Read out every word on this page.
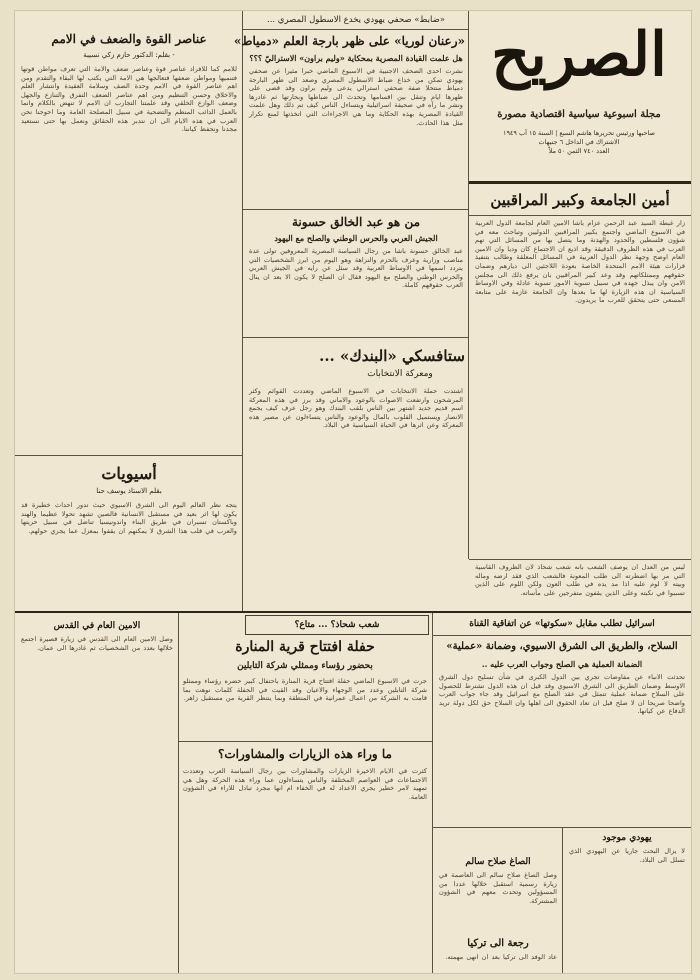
الصريح
مجلة اسبوعية سياسية اقتصادية مصورة
صاحبها ورئيس تحريرها هاشم السبع | السنة ١٥ آب ١٩٤٩
الاشتراك في الداخل ٦ جنيهات
العدد ٧٤٠ الثمن ٥٠ ملاّ
أمين الجامعة وكبير المراقبين
زار غبطة السيد عبد الرحمن عزام باشا الامين العام لجامعة الدول العربية في الاسبوع الماضي واجتمع بكبير المراقبين الدوليين وتباحث معه في شؤون فلسطين والحدود والهدنة وما يتصل بها من المسائل التي تهم العرب في هذه الظروف الدقيقة وقد اذيع ان الاجتماع كان وديا وان الامين العام اوضح وجهة نظر الدول العربية في المسائل المعلقة وطالب بتنفيذ قرارات هيئة الامم المتحدة الخاصة بعودة اللاجئين الى ديارهم وضمان حقوقهم وممتلكاتهم وقد وعد كبير المراقبين بان يرفع ذلك الى مجلس الامن وان يبذل جهده في سبيل تسوية الامور تسوية عادلة وفي الاوساط السياسية ان هذه الزيارة لها ما بعدها وان الجامعة عازمة على متابعة المسعى حتى يتحقق للعرب ما يريدون.
«ضابط» صحفي يهودي يخدع الاسطول المصري ...
«رعنان لوريا» على ظهر بارجة العلم «دمياط»
هل علمت القيادة المصرية بمحكاية «وليم براون» الاستراليّ ؟؟؟
نشرت احدى الصحف الاجنبية في الاسبوع الماضي خبرا مثيرا عن صحفي يهودي تمكن من خداع ضباط الاسطول المصري وصعد الى ظهر البارجة دمياط منتحلا صفة صحفي استرالي يدعى وليم براون وقد قضى على ظهرها ايام وتنقل بين اقسامها وتحدث الى ضباطها وبحارتها ثم غادرها ونشر ما رآه في صحيفة اسرائيلية ويتساءل الناس كيف تم ذلك وهل علمت القيادة المصرية بهذه الحكاية وما هي الاجراءات التي اتخذتها لمنع تكرار مثل هذا الحادث.
من هو عبد الخالق حسونة
الجيش العربي والحرس الوطني والصلح مع اليهود
عبد الخالق حسونة باشا من رجال السياسة المصرية المعروفين تولى عدة مناصب وزارية وعرف بالحزم والنزاهة وهو اليوم من ابرز الشخصيات التي يتردد اسمها في الاوساط العربية وقد سئل عن رايه في الجيش العربي والحرس الوطني والصلح مع اليهود فقال ان الصلح لا يكون الا بعد ان ينال العرب حقوقهم كاملة.
ستافسكي «البندك» ...
ومعركة الانتخابات
اشتدت حملة الانتخابات في الاسبوع الماضي وتعددت القوائم وكثر المرشحون وارتفعت الاصوات بالوعود والاماني وقد برز في هذه المعركة اسم قديم جديد اشتهر بين الناس بلقب البندك وهو رجل عرف كيف يجمع الانصار ويستميل القلوب بالمال والوعود والناس يتساءلون عن مصير هذه المعركة وعن اثرها في الحياة السياسية في البلاد.
عناصر القوة والضعف في الامم
- بقلم: الدكتور حازم زكي نسيبة
للامم كما للافراد عناصر قوة وعناصر ضعف والامة التي تعرف مواطن قوتها فتنميها ومواطن ضعفها فتعالجها هي الامة التي يكتب لها البقاء والتقدم ومن اهم عناصر القوة في الامم وحدة الصف وسلامة العقيدة وانتشار العلم والاخلاق وحسن التنظيم ومن اهم عناصر الضعف التفرق والتنازع والجهل وضعف الوازع الخلقي وقد علمتنا التجارب ان الامم لا تنهض بالكلام وانما بالعمل الدائب المنظم والتضحية في سبيل المصلحة العامة وما احوجنا نحن العرب في هذه الايام الى ان نتدبر هذه الحقائق ونعمل بها حتى نستعيد مجدنا ونحفظ كياننا.
أسيويات
بقلم الاستاذ يوسف حنا
يتجه نظر العالم اليوم الى الشرق الاسيوي حيث تدور احداث خطيرة قد يكون لها اثر بعيد في مستقبل الانسانية فالصين تشهد تحولا عظيما والهند وباكستان تسيران في طريق البناء واندونيسيا تناضل في سبيل حريتها والعرب في قلب هذا الشرق لا يمكنهم ان يقفوا بمعزل عما يجري حولهم.
ليس من العدل ان يوصف الشعب بانه شعب شحاذ لان الظروف القاسية التي مر بها اضطرته الى طلب المعونة فالشعب الذي فقد ارضه وماله وبيته لا لوم عليه اذا مد يده في طلب العون ولكن اللوم على الذين تسببوا في نكبته وعلى الذين يقفون متفرجين على مأساته.
اسرائيل تطلب مقابل «سكوتها» عن اتفاقية القناة
شعب شحاذ؟ ... متاع؟
السلاح، والطريق الى الشرق الاسيوي، وضمانة «عملية»
الضمانة العملية هي الصلح وجواب العرب عليه ..
تحدثت الانباء عن مفاوضات تجري بين الدول الكبرى في شأن تسليح دول الشرق الاوسط وضمان الطريق الى الشرق الاسيوي وقد قيل ان هذه الدول تشترط للحصول على السلاح ضمانة عملية تتمثل في عقد الصلح مع اسرائيل وقد جاء جواب العرب واضحا صريحا ان لا صلح قبل ان تعاد الحقوق الى اهلها وان السلاح حق لكل دولة تريد الدفاع عن كيانها.
يهودي موجود
لا يزال البحث جاريا عن اليهودي الذي تسلل الى البلاد.
الصاغ صلاح سالم
وصل الصاغ صلاح سالم الى العاصمة في زيارة رسمية استقبل خلالها عددا من المسؤولين وتحدث معهم في الشؤون المشتركة.
رجعة الى تركيا
عاد الوفد الى تركيا بعد ان انهى مهمته.
حفلة افتتاح قرية المنارة
بحضور رؤساء وممثلي شركة التابلين
جرت في الاسبوع الماضي حفلة افتتاح قرية المنارة باحتفال كبير حضره رؤساء وممثلو شركة التابلين وعدد من الوجهاء والاعيان وقد القيت في الحفلة كلمات نوهت بما قامت به الشركة من اعمال عمرانية في المنطقة وبما ينتظر القرية من مستقبل زاهر.
ما وراء هذه الزيارات والمشاورات؟
كثرت في الايام الاخيرة الزيارات والمشاورات بين رجال السياسة العرب وتعددت الاجتماعات في العواصم المختلفة والناس يتساءلون عما وراء هذه الحركة وهل هي تمهيد لامر خطير يجري الاعداد له في الخفاء ام انها مجرد تبادل للاراء في الشؤون العامة.
الامين العام في القدس
وصل الامين العام الى القدس في زيارة قصيرة اجتمع خلالها بعدد من الشخصيات ثم غادرها الى عمان.
